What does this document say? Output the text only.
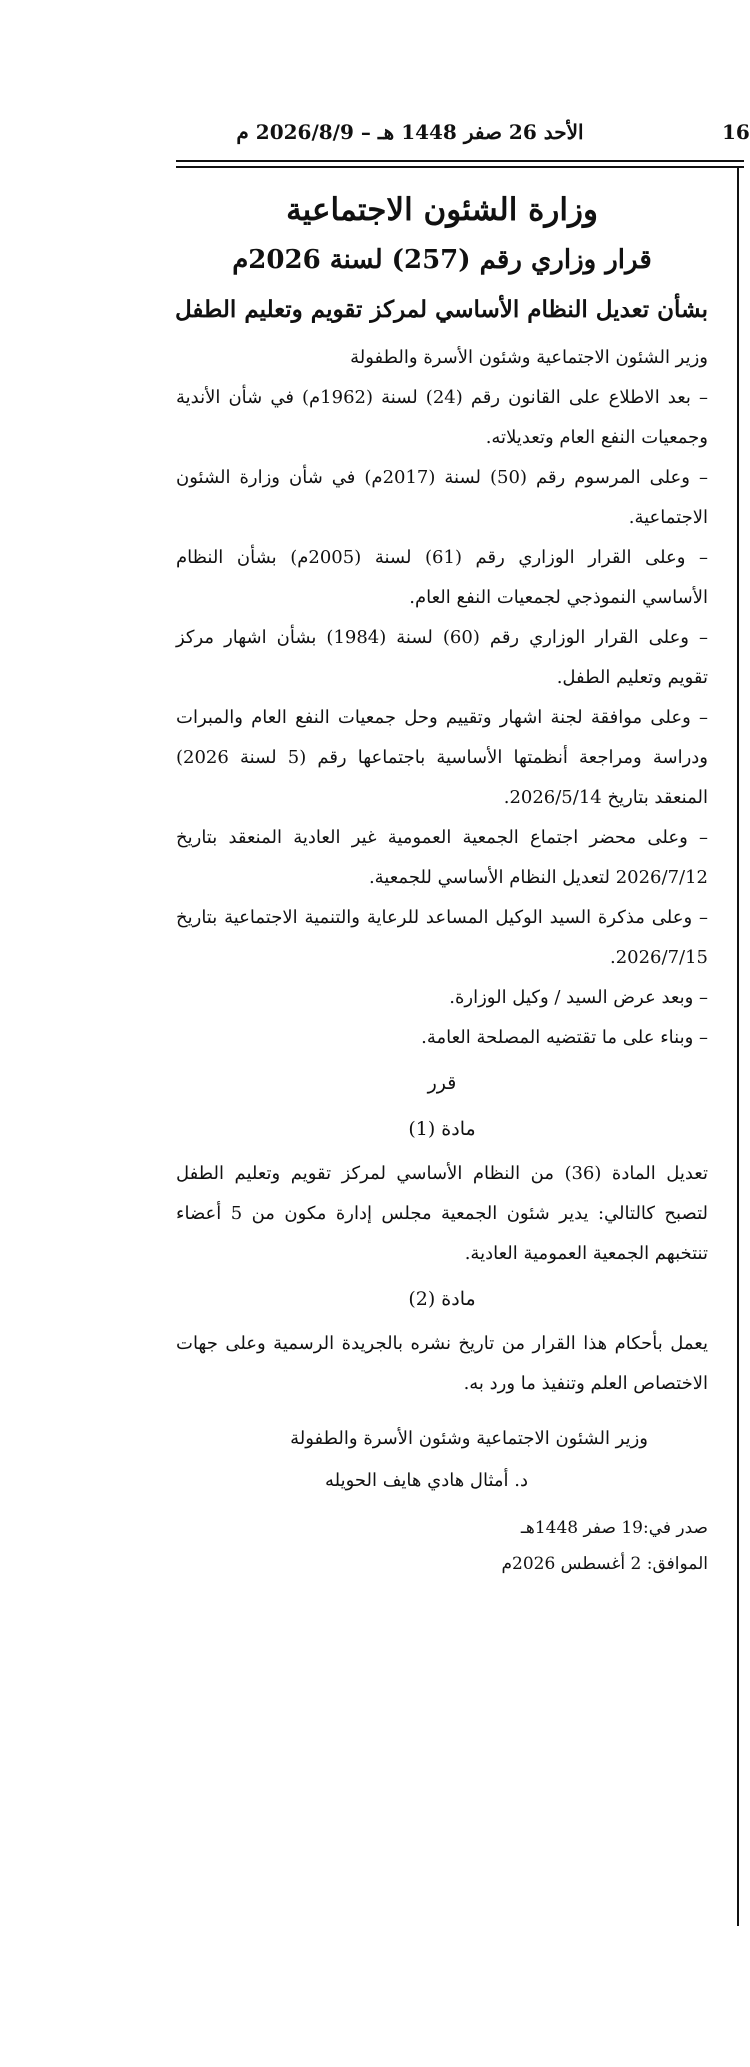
الأحد 26 صفر 1448 هـ – 2026/8/9 م	16
وزارة الشئون الاجتماعية
قرار وزاري رقم (257) لسنة 2026م
بشأن تعديل النظام الأساسي لمركز تقويم وتعليم الطفل

وزير الشئون الاجتماعية وشئون الأسرة والطفولة

– بعد الاطلاع على القانون رقم (24) لسنة (1962م) في شأن الأندية وجمعيات النفع العام وتعديلاته.

– وعلى المرسوم رقم (50) لسنة (2017م) في شأن وزارة الشئون الاجتماعية.

– وعلى القرار الوزاري رقم (61) لسنة (2005م) بشأن النظام الأساسي النموذجي لجمعيات النفع العام.

– وعلى القرار الوزاري رقم (60) لسنة (1984) بشأن اشهار مركز تقويم وتعليم الطفل.

– وعلى موافقة لجنة اشهار وتقييم وحل جمعيات النفع العام والمبرات ودراسة ومراجعة أنظمتها الأساسية باجتماعها رقم (5 لسنة 2026) المنعقد بتاريخ 2026/5/14.

– وعلى محضر اجتماع الجمعية العمومية غير العادية المنعقد بتاريخ 2026/7/12 لتعديل النظام الأساسي للجمعية.

– وعلى مذكرة السيد الوكيل المساعد للرعاية والتنمية الاجتماعية بتاريخ 2026/7/15.

– وبعد عرض السيد / وكيل الوزارة.

– وبناء على ما تقتضيه المصلحة العامة.

قرر
مادة (1)

تعديل المادة (36) من النظام الأساسي لمركز تقويم وتعليم الطفل لتصبح كالتالي: يدير شئون الجمعية مجلس إدارة مكون من 5 أعضاء تنتخبهم الجمعية العمومية العادية.

مادة (2)

يعمل بأحكام هذا القرار من تاريخ نشره بالجريدة الرسمية وعلى جهات الاختصاص العلم وتنفيذ ما ورد به.

وزير الشئون الاجتماعية وشئون الأسرة والطفولة
د. أمثال هادي هايف الحويله
صدر في:19 صفر 1448هـ
الموافق: 2 أغسطس 2026م
